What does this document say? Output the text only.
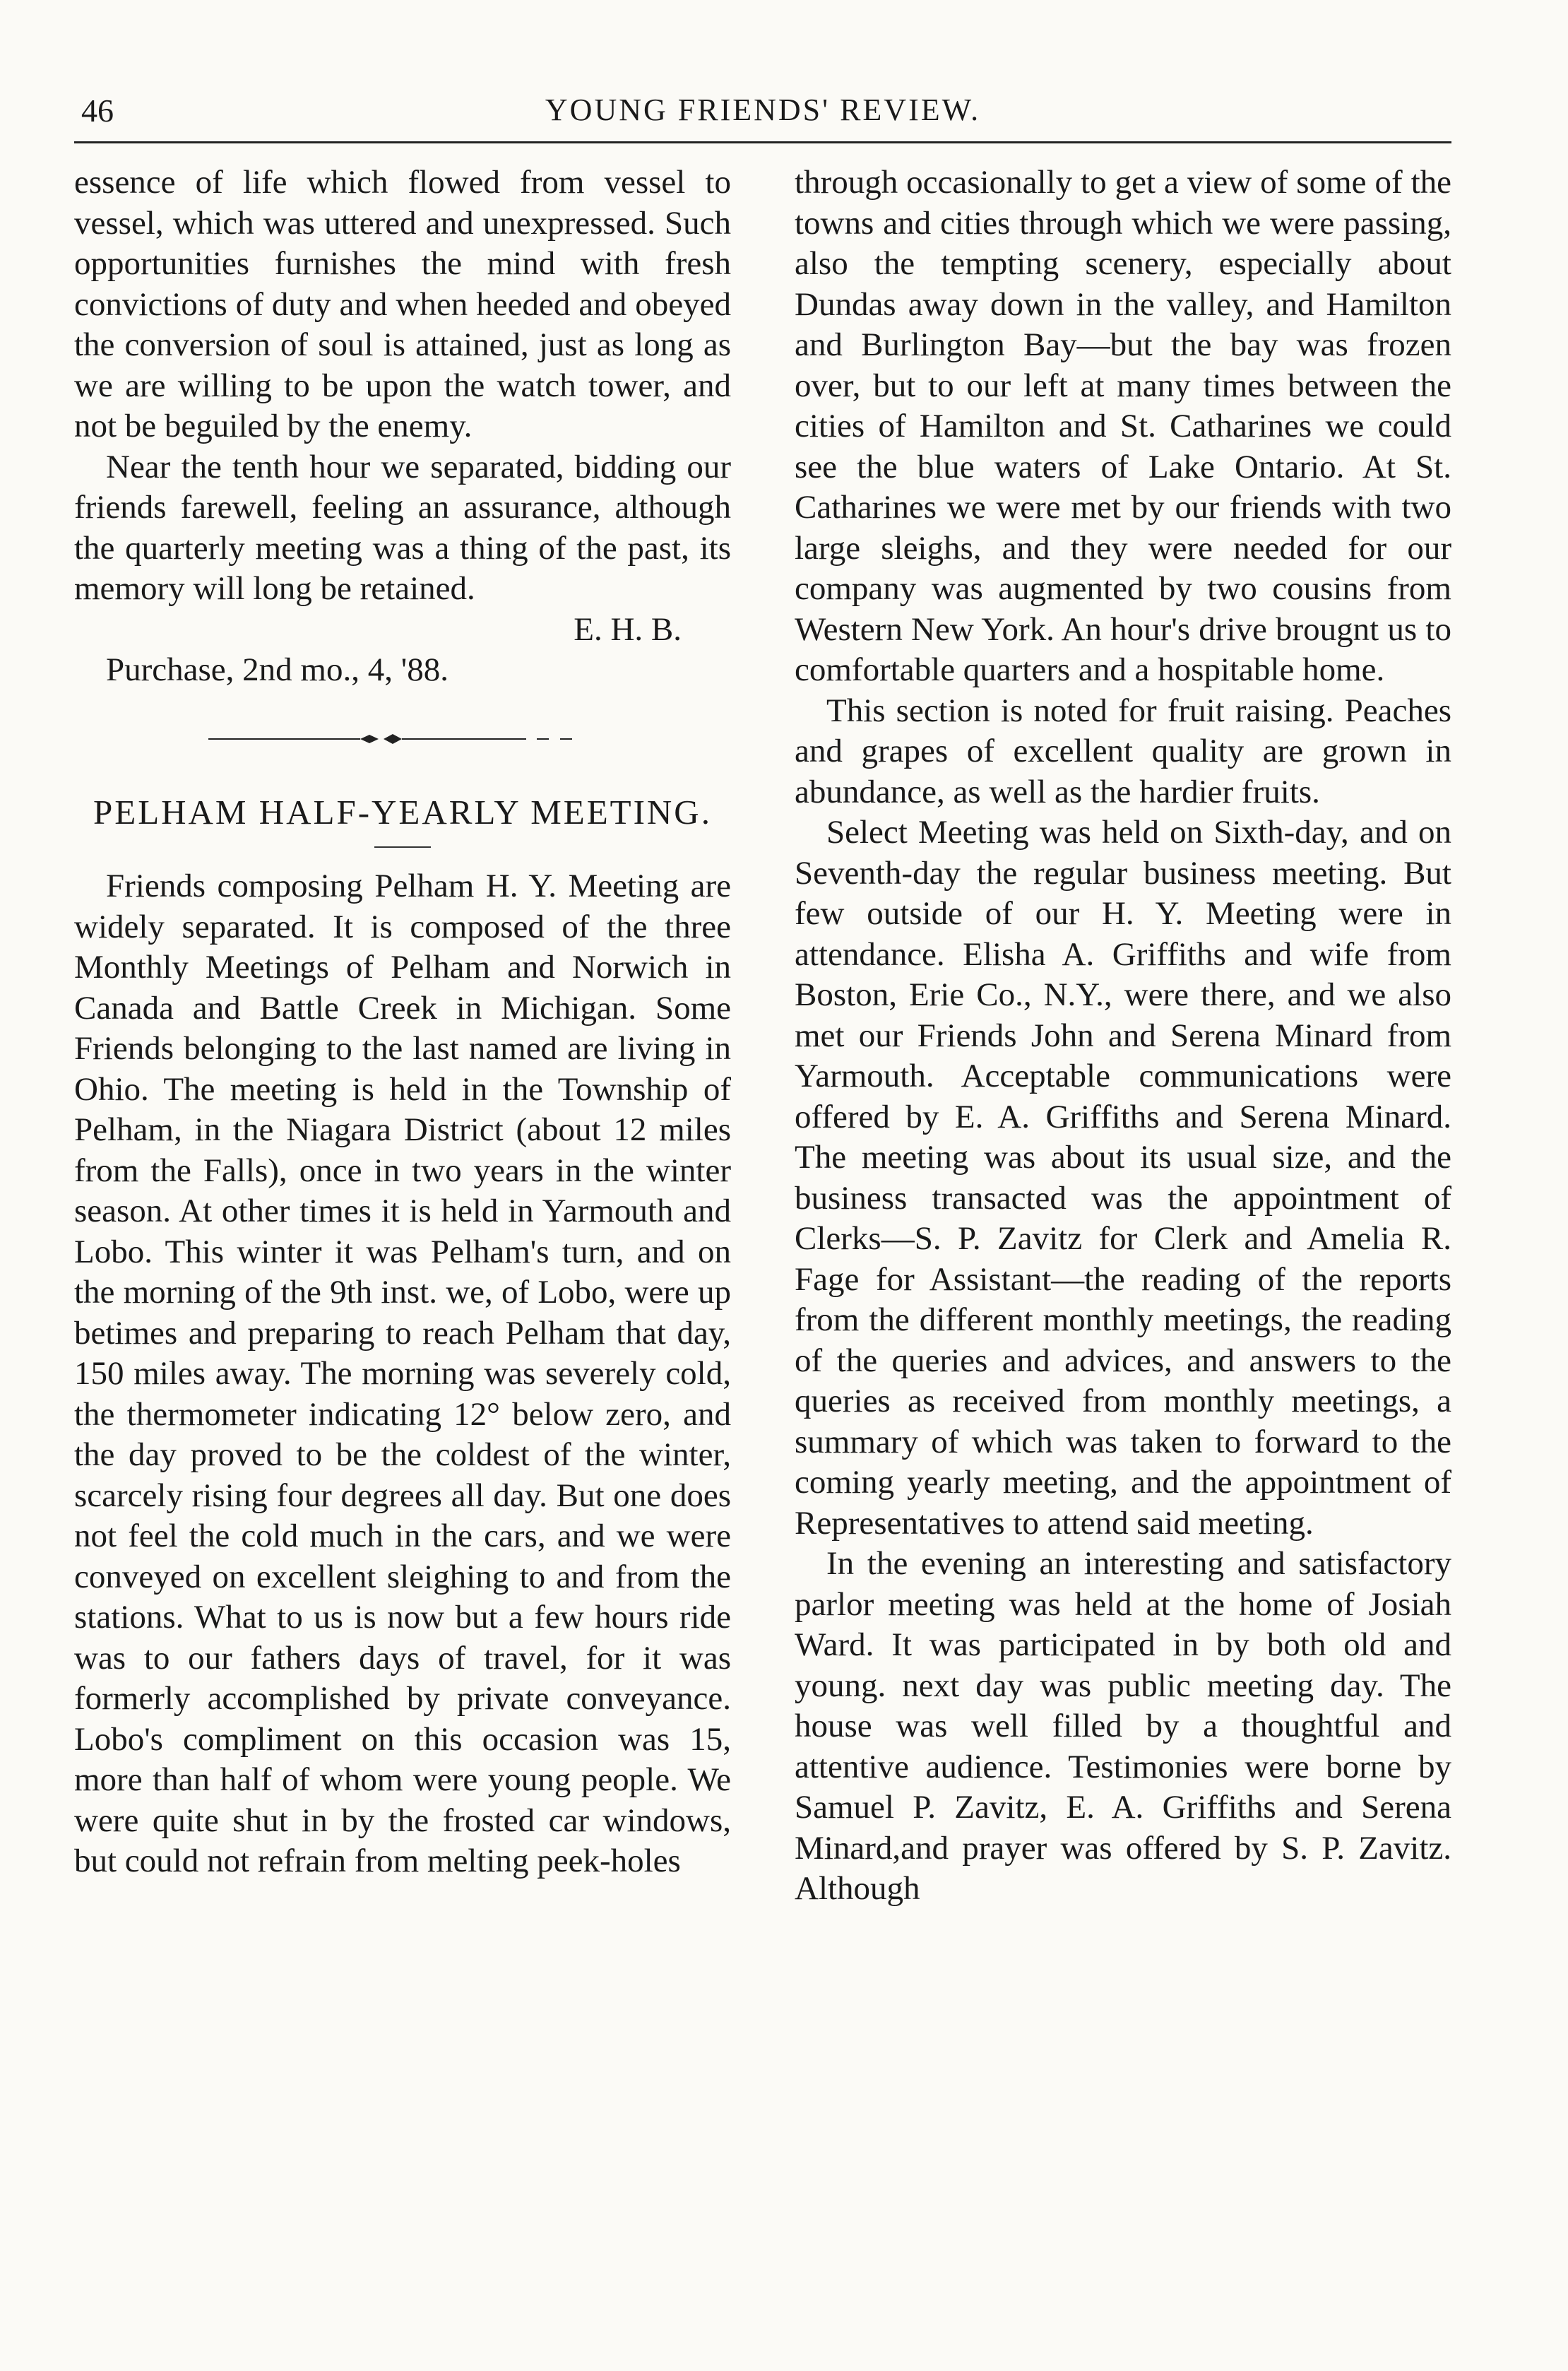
46	YOUNG FRIENDS' REVIEW.

essence of life which flowed from vessel to vessel, which was uttered and unexpressed. Such opportunities furnishes the mind with fresh convictions of duty and when heeded and obeyed the conversion of soul is attained, just as long as we are willing to be upon the watch tower, and not be beguiled by the enemy.

Near the tenth hour we separated, bidding our friends farewell, feeling an assurance, although the quarterly meeting was a thing of the past, its memory will long be retained.

E. H. B.

Purchase, 2nd mo., 4, '88.

PELHAM HALF-YEARLY MEETING.

Friends composing Pelham H. Y. Meeting are widely separated. It is composed of the three Monthly Meetings of Pelham and Norwich in Canada and Battle Creek in Michigan. Some Friends belonging to the last named are living in Ohio. The meeting is held in the Township of Pelham, in the Niagara District (about 12 miles from the Falls), once in two years in the winter season. At other times it is held in Yarmouth and Lobo. This winter it was Pelham's turn, and on the morning of the 9th inst. we, of Lobo, were up betimes and preparing to reach Pelham that day, 150 miles away. The morning was severely cold, the thermometer indicating 12° below zero, and the day proved to be the coldest of the winter, scarcely rising four degrees all day. But one does not feel the cold much in the cars, and we were conveyed on excellent sleighing to and from the stations. What to us is now but a few hours ride was to our fathers days of travel, for it was formerly accomplished by private conveyance. Lobo's compliment on this occasion was 15, more than half of whom were young people. We were quite shut in by the frosted car windows, but could not refrain from melting peek-holes

through occasionally to get a view of some of the towns and cities through which we were passing, also the tempting scenery, especially about Dundas away down in the valley, and Hamilton and Burlington Bay—but the bay was frozen over, but to our left at many times between the cities of Hamilton and St. Catharines we could see the blue waters of Lake Ontario. At St. Catharines we were met by our friends with two large sleighs, and they were needed for our company was augmented by two cousins from Western New York. An hour's drive brougnt us to comfortable quarters and a hospitable home.

This section is noted for fruit raising. Peaches and grapes of excellent quality are grown in abundance, as well as the hardier fruits.

Select Meeting was held on Sixth-day, and on Seventh-day the regular business meeting. But few outside of our H. Y. Meeting were in attendance. Elisha A. Griffiths and wife from Boston, Erie Co., N.Y., were there, and we also met our Friends John and Serena Minard from Yarmouth. Acceptable communications were offered by E. A. Griffiths and Serena Minard. The meeting was about its usual size, and the business transacted was the appointment of Clerks—S. P. Zavitz for Clerk and Amelia R. Fage for Assistant—the reading of the reports from the different monthly meetings, the reading of the queries and advices, and answers to the queries as received from monthly meetings, a summary of which was taken to forward to the coming yearly meeting, and the appointment of Representatives to attend said meeting.

In the evening an interesting and satisfactory parlor meeting was held at the home of Josiah Ward. It was participated in by both old and young. next day was public meeting day. The house was well filled by a thoughtful and attentive audience. Testimonies were borne by Samuel P. Zavitz, E. A. Griffiths and Serena Minard,and prayer was offered by S. P. Zavitz. Although
